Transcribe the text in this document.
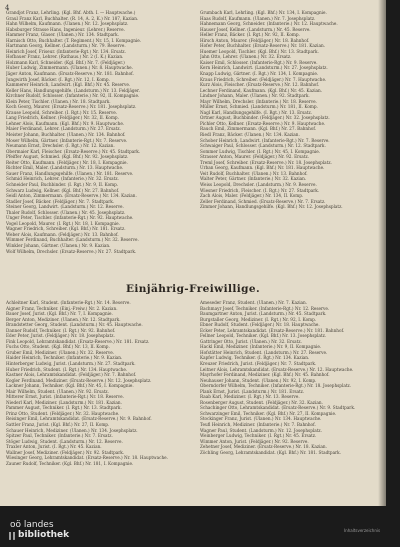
4

Grandjot Franz, Lehrling. (Kgl. Bhf. Abth. I. — Hauptwache.)

Graul Franz Karl, Buchhalter. (R. 14, A. 2, K.) Nr. 187, Kazian.

Hahn Wilhelm, Kaufmann. (Ulanen.) Nr. 12. Josephsplatz.

Habsburger Strasse Hans, Ingenieur. (Lehrer.) Reserve.

Hammer Franz, Glaser. (Ulanen.) Nr. 134. Stadtpark.

Harnisch Otto, Buchhalter. (T. Regiment.) Nr. 15, I. Kompagnie.

Hartmann Georg, Kellner. (Landsturm.) Nr. 79. Reserve.

Heinrich Josef, Friseur. (Infanterie-Rgt.) Nr. 134. Ersatz.

Hofbauer Franz, Lehrer. (Rathaus.) Nr. 2 (I. K.) Kazian.

Holzmann Karl, Schneider. (Kgl. Bhf.) Nr. 7. (Feldjäger.)

Huber Ludwig, Zimmermann. (Ulanen.) Nr. 8. Hauptwache.

Jäger Anton, Kaufmann. (Ersatz-Reserve.) Nr. 181. Bahnhof.

Jungwirth Josef, Bäcker. (I. Rgt.) Nr. 12, I. Komp.

Kammerer Heinrich, Landwirt. (Kgl. Bhf.) Nr. 45. Reserve.

Keller Hans, Handlungsgehilfe. (Landsturm.) Nr. 13. Feldjäger.

Kirchner Rudolf, Schlosser. (Infanterie.) Nr. 92, II. Kompagnie.

Klein Peter, Tischler. (Ulanen.) Nr. 18. Stadtpark.

Koch Georg, Maurer. (Ersatz-Reserve.) Nr. 181. Josephsplatz.

Krause Leopold, Schreiber. (I. Rgt.) Nr. 15. Reserve.

Lang Friedrich, Kellner. (Feldjäger.) Nr. 32, II. Komp.

Lehner Alois, Kaufmann. (Kgl. Bhf.) Nr. 9. Hauptwache.

Maier Ferdinand, Lehrer. (Landsturm.) Nr. 27. Ersatz.

Meister Johann, Buchhalter. (Ulanen.) Nr. 134. Bahnhof.

Moser Wilhelm, Gärtner. (Infanterie-Rgt.) Nr. 7. Reserve.

Neumann Ernst, Drechsler. (I. Rgt.) Nr. 12. Kazian.

Obermaier Karl, Fleischer. (Ersatz-Reserve.) Nr. 45. Stadtpark.

Pfeiffer August, Schmied. (Kgl. Bhf.) Nr. 92. Josephsplatz.

Reiter Otto, Kaufmann. (Feldjäger.) Nr. 18, I. Kompagnie.

Richter Emil, Maler. (Landsturm.) Nr. 13. Hauptwache.

Sauer Franz, Handlungsgehilfe. (Ulanen.) Nr. 181. Reserve.

Schmid Heinrich, Lehrer. (Infanterie.) Nr. 32. Ersatz.

Schneider Paul, Buchbinder. (I. Rgt.) Nr. 9, II. Komp.

Schwarz Ludwig, Kellner. (Kgl. Bhf.) Nr. 27. Bahnhof.

Seidl Anton, Zimmermann. (Ersatz-Reserve.) Nr. 134. Kazian.

Stadler Josef, Bäcker. (Feldjäger.) Nr. 7. Stadtpark.

Steiner Georg, Landwirt. (Landsturm.) Nr. 12. Reserve.

Thaler Rudolf, Schlosser. (Ulanen.) Nr. 45. Josephsplatz.

Unger Peter, Tischler. (Infanterie-Rgt.) Nr. 92. Hauptwache.

Vogel Leopold, Maurer. (I. Rgt.) Nr. 18, I. Kompagnie.

Wagner Friedrich, Schreiber. (Kgl. Bhf.) Nr. 181. Ersatz.

Weber Alois, Kaufmann. (Feldjäger.) Nr. 13. Bahnhof.

Wimmer Ferdinand, Buchhalter. (Landsturm.) Nr. 32. Reserve.

Winkler Johann, Gärtner. (Ulanen.) Nr. 9. Kazian.

Wolf Wilhelm, Drechsler. (Ersatz-Reserve.) Nr. 27. Stadtpark.

Grumbach Karl, Lehrling. (Kgl. Bhf.) Nr. 134, I. Kompagnie.

Haas Rudolf, Kaufmann. (Ulanen.) Nr. 7. Josephsplatz.

Hahnemann Georg, Schneider. (Infanterie.) Nr. 12. Hauptwache.

Hauser Josef, Kellner. (Landsturm.) Nr. 45. Reserve.

Heller Franz, Bäcker. (I. Rgt.) Nr. 92, II. Komp.

Hirsch Anton, Maurer. (Feldjäger.) Nr. 18. Bahnhof.

Hofer Peter, Buchhalter. (Ersatz-Reserve.) Nr. 181. Kazian.

Huemer Leopold, Tischler. (Kgl. Bhf.) Nr. 13. Stadtpark.

Jahn Otto, Lehrer. (Ulanen.) Nr. 32. Ersatz.

Kaiser Emil, Schlosser. (Infanterie-Rgt.) Nr. 9. Reserve.

Kern Heinrich, Landwirt. (Landsturm.) Nr. 27. Josephsplatz.

Knapp Ludwig, Gärtner. (I. Rgt.) Nr. 134, I. Kompagnie.

Kraus Friedrich, Schreiber. (Feldjäger.) Nr. 7. Hauptwache.

Kurz Alois, Fleischer. (Ersatz-Reserve.) Nr. 12. Bahnhof.

Lechner Ferdinand, Kaufmann. (Kgl. Bhf.) Nr. 45. Kazian.

Lindner Johann, Maler. (Ulanen.) Nr. 92. Stadtpark.

Mayr Wilhelm, Drechsler. (Infanterie.) Nr. 18. Reserve.

Müller Ernst, Schmied. (Landsturm.) Nr. 181, II. Komp.

Nagl Karl, Handlungsgehilfe. (I. Rgt.) Nr. 13. Ersatz.

Ortner August, Buchbinder. (Feldjäger.) Nr. 32. Josephsplatz.

Pichler Otto, Kellner. (Ersatz-Reserve.) Nr. 9. Hauptwache.

Rauch Emil, Zimmermann. (Kgl. Bhf.) Nr. 27. Bahnhof.

Riedl Franz, Bäcker. (Ulanen.) Nr. 134. Kazian.

Schober Heinrich, Landwirt. (Infanterie-Rgt.) Nr. 7. Reserve.

Schwaiger Paul, Schlosser. (Landsturm.) Nr. 12. Stadtpark.

Sommer Ludwig, Tischler. (I. Rgt.) Nr. 45, I. Kompagnie.

Strasser Anton, Maurer. (Feldjäger.) Nr. 92. Ersatz.

Treml Josef, Schreiber. (Ersatz-Reserve.) Nr. 18. Josephsplatz.

Urban Georg, Kaufmann. (Kgl. Bhf.) Nr. 181. Hauptwache.

Veit Rudolf, Buchhalter. (Ulanen.) Nr. 13. Bahnhof.

Walter Peter, Gärtner. (Infanterie.) Nr. 32. Kazian.

Weiss Leopold, Drechsler. (Landsturm.) Nr. 9. Reserve.

Wiesner Friedrich, Fleischer. (I. Rgt.) Nr. 27. Stadtpark.

Zach Alois, Maler. (Feldjäger.) Nr. 134, II. Komp.

Zeller Ferdinand, Schmied. (Ersatz-Reserve.) Nr. 7. Ersatz.

Zimmer Johann, Handlungsgehilfe. (Kgl. Bhf.) Nr. 12. Josephsplatz.

Einjährig-Freiwillige.

Achleitner Karl, Student. (Infanterie-Rgt.) Nr. 14. Reserve.

Aigner Franz, Techniker. (Einj.-Freiw.) Nr. 2. Kazian.

Bauer Josef, Jurist. (Kgl. Bhf.) Nr. 7, I. Kompagnie.

Berger Anton, Mediziner. (Ulanen.) Nr. 12. Stadtpark.

Brandstetter Georg, Student. (Landsturm.) Nr. 45. Hauptwache.

Danner Rudolf, Techniker. (I. Rgt.) Nr. 92. Bahnhof.

Eder Peter, Jurist. (Feldjäger.) Nr. 18. Josephsplatz.

Fink Leopold, Lehramtskandidat. (Ersatz-Reserve.) Nr. 181. Ersatz.

Fuchs Otto, Student. (Kgl. Bhf.) Nr. 13, II. Komp.

Gruber Emil, Mediziner. (Ulanen.) Nr. 32. Reserve.

Haider Heinrich, Techniker. (Infanterie.) Nr. 9. Kazian.

Hinterberger Ludwig, Jurist. (Landsturm.) Nr. 27. Stadtpark.

Huber Friedrich, Student. (I. Rgt.) Nr. 134. Hauptwache.

Kastner Alois, Lehramtskandidat. (Feldjäger.) Nr. 7. Bahnhof.

Kogler Ferdinand, Mediziner. (Ersatz-Reserve.) Nr. 12. Josephsplatz.

Lackner Johann, Techniker. (Kgl. Bhf.) Nr. 45, I. Kompagnie.

Mair Wilhelm, Student. (Ulanen.) Nr. 92. Ersatz.

Mitterer Ernst, Jurist. (Infanterie-Rgt.) Nr. 18. Reserve.

Niederl Karl, Mediziner. (Landsturm.) Nr. 181. Kazian.

Pammer August, Techniker. (I. Rgt.) Nr. 13. Stadtpark.

Prinz Otto, Student. (Feldjäger.) Nr. 32. Hauptwache.

Reisinger Emil, Lehramtskandidat. (Ersatz-Reserve.) Nr. 9. Bahnhof.

Sattler Franz, Jurist. (Kgl. Bhf.) Nr. 27, II. Komp.

Schauer Heinrich, Mediziner. (Ulanen.) Nr. 134. Josephsplatz.

Spitzer Paul, Techniker. (Infanterie.) Nr. 7. Ersatz.

Stöger Ludwig, Student. (Landsturm.) Nr. 12. Reserve.

Traxler Anton, Jurist. (I. Rgt.) Nr. 45. Kazian.

Wallner Josef, Mediziner. (Feldjäger.) Nr. 92. Stadtpark.

Wiesinger Georg, Lehramtskandidat. (Ersatz-Reserve.) Nr. 18. Hauptwache.

Zauner Rudolf, Techniker. (Kgl. Bhf.) Nr. 181, I. Kompagnie.

Ameseder Franz, Student. (Ulanen.) Nr. 7. Kazian.

Bachmayr Josef, Techniker. (Infanterie-Rgt.) Nr. 12. Reserve.

Baumgartner Anton, Jurist. (Landsturm.) Nr. 45. Stadtpark.

Burgstaller Georg, Mediziner. (I. Rgt.) Nr. 92, I. Komp.

Ebner Rudolf, Student. (Feldjäger.) Nr. 18. Hauptwache.

Ecker Peter, Lehramtskandidat. (Ersatz-Reserve.) Nr. 181. Bahnhof.

Fellner Leopold, Techniker. (Kgl. Bhf.) Nr. 13. Josephsplatz.

Gattringer Otto, Jurist. (Ulanen.) Nr. 32. Ersatz.

Hackl Emil, Mediziner. (Infanterie.) Nr. 9, II. Kompagnie.

Hofstätter Heinrich, Student. (Landsturm.) Nr. 27. Reserve.

Kapfer Ludwig, Techniker. (I. Rgt.) Nr. 134. Kazian.

Kreuzer Friedrich, Jurist. (Feldjäger.) Nr. 7. Stadtpark.

Leitner Alois, Lehramtskandidat. (Ersatz-Reserve.) Nr. 12. Hauptwache.

Mayrhofer Ferdinand, Mediziner. (Kgl. Bhf.) Nr. 45. Bahnhof.

Neuhauser Johann, Student. (Ulanen.) Nr. 92, I. Komp.

Oberndorfer Wilhelm, Techniker. (Infanterie-Rgt.) Nr. 18. Josephsplatz.

Plank Ernst, Jurist. (Landsturm.) Nr. 181. Ersatz.

Raab Karl, Mediziner. (I. Rgt.) Nr. 13. Reserve.

Rosenberger August, Student. (Feldjäger.) Nr. 32. Kazian.

Schachinger Otto, Lehramtskandidat. (Ersatz-Reserve.) Nr. 9. Stadtpark.

Schwarzinger Emil, Techniker. (Kgl. Bhf.) Nr. 27, II. Kompagnie.

Stockinger Franz, Jurist. (Ulanen.) Nr. 134. Hauptwache.

Teufl Heinrich, Mediziner. (Infanterie.) Nr. 7. Bahnhof.

Wagner Paul, Student. (Landsturm.) Nr. 12. Josephsplatz.

Weinberger Ludwig, Techniker. (I. Rgt.) Nr. 45. Ersatz.

Wimmer Anton, Jurist. (Feldjäger.) Nr. 92. Reserve.

Zehetner Josef, Mediziner. (Ersatz-Reserve.) Nr. 18. Kazian.

Zöchling Georg, Lehramtskandidat. (Kgl. Bhf.) Nr. 181. Stadtpark.

oö landes
∥∥ bibliothek	Inhaltsverzeichnis
